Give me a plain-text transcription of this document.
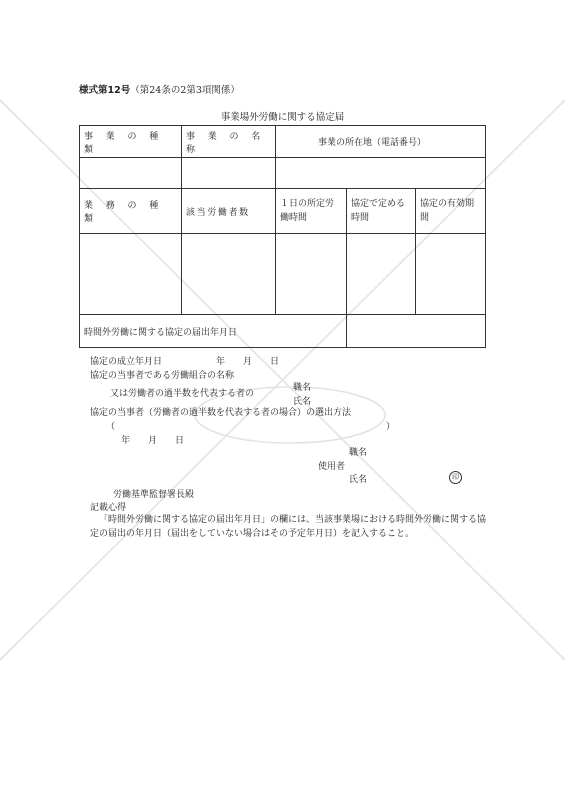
様式第12号（第24条の2第3項関係）
事業場外労働に関する協定届
事 業 の 種 類	事 業 の 名 称	事業の所在地（電話番号）		

業 務 の 種 類	該当労働者数	１日の所定労働時間	協定で定める時間	協定の有効期間

時間外労働に関する協定の届出年月日				
協定の成立年月日　　　　　　年　　月　　日
協定の当事者である労働組合の名称
又は労働者の過半数を代表する者の
職名
氏名
協定の当事者（労働者の過半数を代表する者の場合）の選出方法
（	）
年　　月　　日
職名
使用者
氏名	印
労働基準監督署長殿
記載心得
「時間外労働に関する協定の届出年月日」の欄には、当該事業場における時間外労働に関する協定の届出の年月日（届出をしていない場合はその予定年月日）を記入すること。
